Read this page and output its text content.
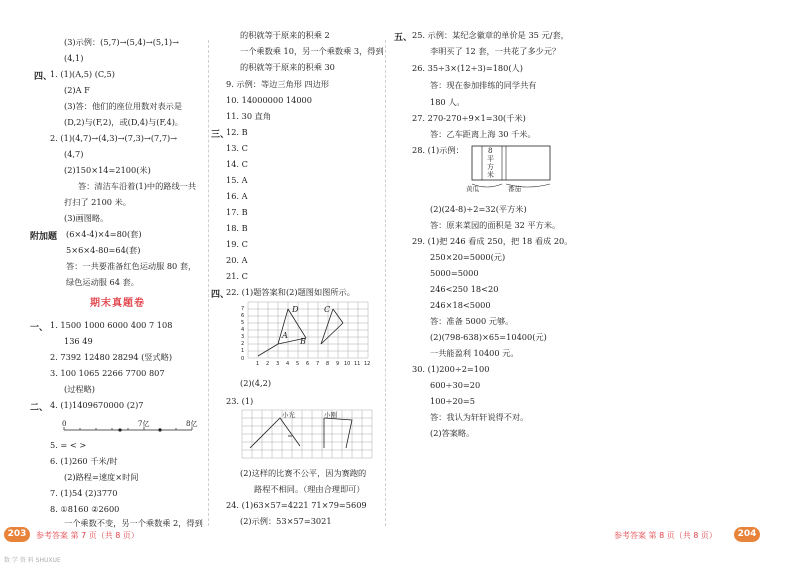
(3)示例：(5,7)→(5,4)→(5,1)→
(4,1)
四、
1. (1)(A,5) (C,5)
(2)A F
(3)答：他们的座位用数对表示是
(D,2)与(F,2)，或(D,4)与(F,4)。
2. (1)(4,7)→(4,3)→(7,3)→(7,7)→
(4,7)
(2)150×14=2100(米)
答：清洁车沿着(1)中的路线一共
打扫了 2100 米。
(3)画图略。
附加题 (6×4-4)×4=80(套)
5×6×4-80=64(套)
答：一共要准备红色运动服 80 套，
绿色运动服 64 套。
期末真题卷
一、 1. 1500 1000 6000 400 7 108
136 49
2. 7392 12480 28294 (竖式略)
3. 100 1065 2266 7700 807
(过程略)
二、 4. (1)1409670000 (2)7
0	7亿	8亿
5. = < >
6. (1)260 千米/时
(2)路程=速度×时间
7. (1)54 (2)3770
8. ①8160 ②2600
一个乘数不变，另一个乘数乘 2，得到
的积就等于原来的积乘 2
一个乘数乘 10，另一个乘数乘 3，得到
的积就等于原来的积乘 30
9. 示例：等边三角形 四边形
10. 14000000 14000
11. 30 直角
三、
12. B
13. C
14. C
15. A
16. A
17. B
18. B
19. C
20. A
21. C
四、
22. (1)题答案和(2)题图如图所示。
7
6
5
4
3
2
1
0
1 2 3 4 5 6 7 8 9 10 11 12
D	C
A
B
(2)(4,2)
23. (1)
小光	小刚
(2)这样的比赛不公平，因为赛跑的
路程不相同。（理由合理即可）
24. (1)63×57=4221 71×79=5609
(2)示例：53×57=3021
五、 25. 示例：某纪念徽章的单价是 35 元/套，
李明买了 12 套，一共花了多少元？
26. 35÷3×(12÷3)=180(人)
答：现在参加排练的同学共有
180 人。
27. 270-270÷9×1=30(千米)
答：乙车距离上海 30 千米。
28. (1)示例：	8
平
方
米
黄瓜	番茄
(2)(24-8)÷2=32(平方米)
答：原来菜园的面积是 32 平方米。
29. (1)把 246 看成 250，把 18 看成 20。
250×20=5000(元)
5000=5000
246<250 18<20
246×18<5000
答：准备 5000 元够。
(2)(798-638)×65=10400(元)
一共能盈利 10400 元。
30. (1)200÷2=100
600÷30=20
100÷20=5
答：我认为轩轩说得不对。
(2)答案略。
203	参考答案 第 7 页（共 8 页）	参考答案 第 8 页（共 8 页）	204
数 学 资 料 SHUXUE
